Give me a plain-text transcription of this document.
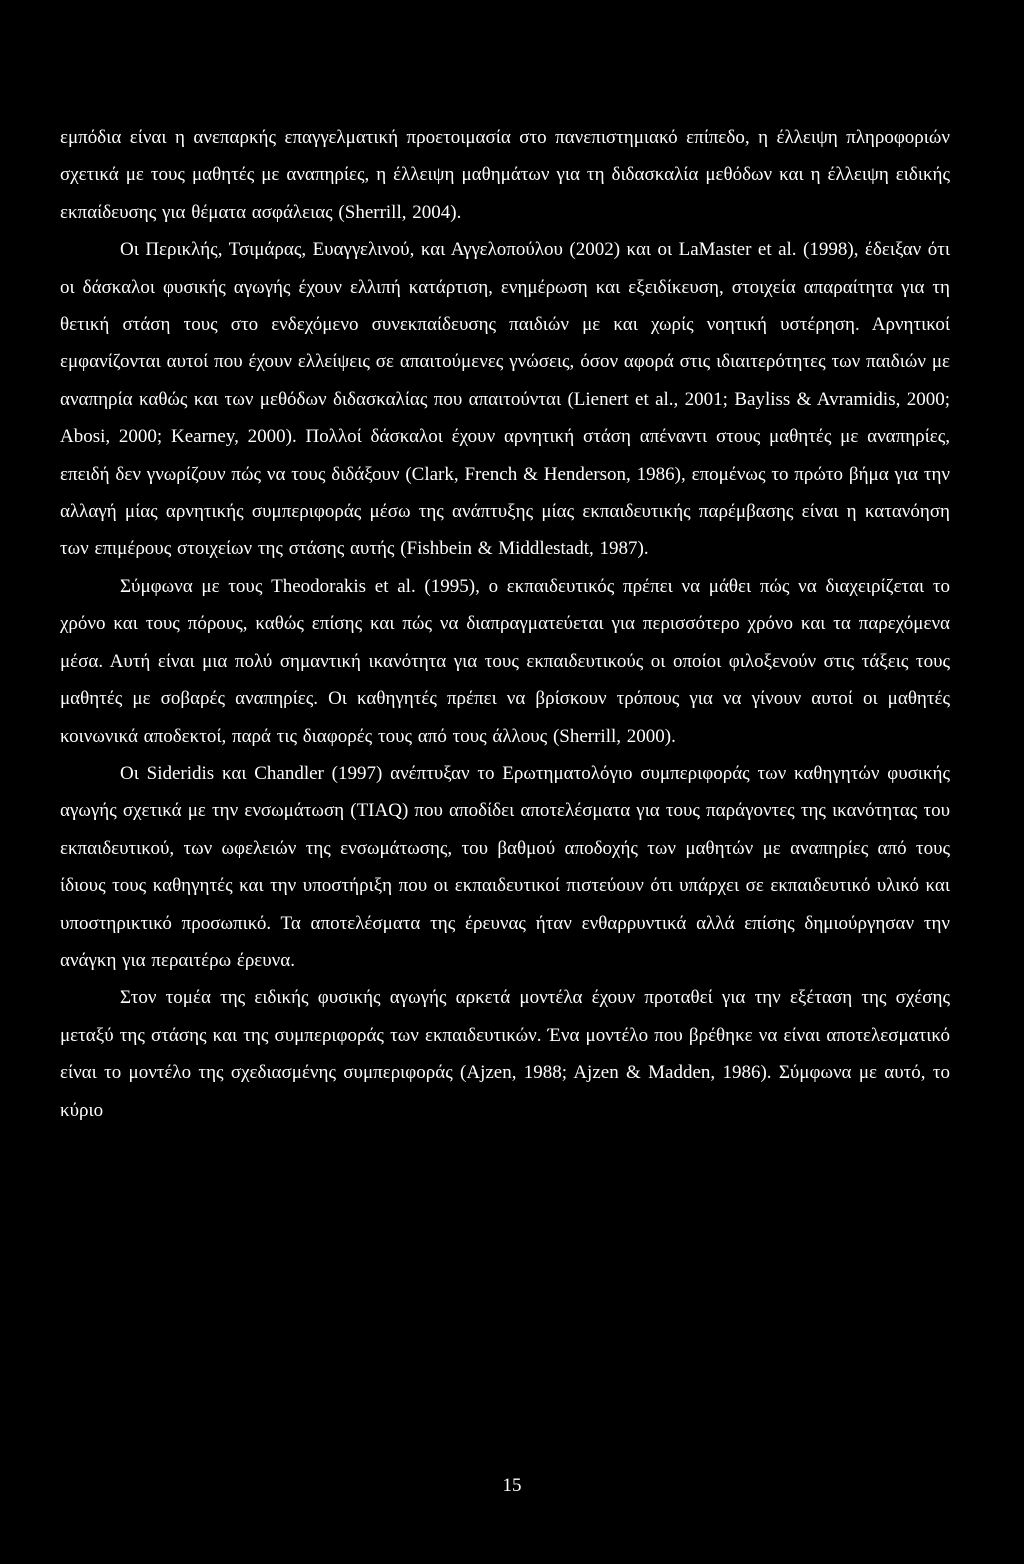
εμπόδια είναι η ανεπαρκής επαγγελματική προετοιμασία στο πανεπιστημιακό επίπεδο, η έλλειψη πληροφοριών σχετικά με τους μαθητές με αναπηρίες, η έλλειψη μαθημάτων για τη διδασκαλία μεθόδων και η έλλειψη ειδικής εκπαίδευσης για θέματα ασφάλειας (Sherrill, 2004).

Οι Περικλής, Τσιμάρας, Ευαγγελινού, και Αγγελοπούλου (2002) και οι LaMaster et al. (1998), έδειξαν ότι οι δάσκαλοι φυσικής αγωγής έχουν ελλιπή κατάρτιση, ενημέρωση και εξειδίκευση, στοιχεία απαραίτητα για τη θετική στάση τους στο ενδεχόμενο συνεκπαίδευσης παιδιών με και χωρίς νοητική υστέρηση. Αρνητικοί εμφανίζονται αυτοί που έχουν ελλείψεις σε απαιτούμενες γνώσεις, όσον αφορά στις ιδιαιτερότητες των παιδιών με αναπηρία καθώς και των μεθόδων διδασκαλίας που απαιτούνται (Lienert et al., 2001; Bayliss & Avramidis, 2000; Abosi, 2000; Kearney, 2000). Πολλοί δάσκαλοι έχουν αρνητική στάση απέναντι στους μαθητές με αναπηρίες, επειδή δεν γνωρίζουν πώς να τους διδάξουν (Clark, French & Henderson, 1986), επομένως το πρώτο βήμα για την αλλαγή μίας αρνητικής συμπεριφοράς μέσω της ανάπτυξης μίας εκπαιδευτικής παρέμβασης είναι η κατανόηση των επιμέρους στοιχείων της στάσης αυτής (Fishbein & Middlestadt, 1987).

Σύμφωνα με τους Theodorakis et al. (1995), ο εκπαιδευτικός πρέπει να μάθει πώς να διαχειρίζεται το χρόνο και τους πόρους, καθώς επίσης και πώς να διαπραγματεύεται για περισσότερο χρόνο και τα παρεχόμενα μέσα. Αυτή είναι μια πολύ σημαντική ικανότητα για τους εκπαιδευτικούς οι οποίοι φιλοξενούν στις τάξεις τους μαθητές με σοβαρές αναπηρίες. Οι καθηγητές πρέπει να βρίσκουν τρόπους για να γίνουν αυτοί οι μαθητές κοινωνικά αποδεκτοί, παρά τις διαφορές τους από τους άλλους (Sherrill, 2000).

Οι Sideridis και Chandler (1997) ανέπτυξαν το Ερωτηματολόγιο συμπεριφοράς των καθηγητών φυσικής αγωγής σχετικά με την ενσωμάτωση (TIAQ) που αποδίδει αποτελέσματα για τους παράγοντες της ικανότητας του εκπαιδευτικού, των ωφελειών της ενσωμάτωσης, του βαθμού αποδοχής των μαθητών με αναπηρίες από τους ίδιους τους καθηγητές και την υποστήριξη που οι εκπαιδευτικοί πιστεύουν ότι υπάρχει σε εκπαιδευτικό υλικό και υποστηρικτικό προσωπικό. Τα αποτελέσματα της έρευνας ήταν ενθαρρυντικά αλλά επίσης δημιούργησαν την ανάγκη για περαιτέρω έρευνα.

Στον τομέα της ειδικής φυσικής αγωγής αρκετά μοντέλα έχουν προταθεί για την εξέταση της σχέσης μεταξύ της στάσης και της συμπεριφοράς των εκπαιδευτικών. Ένα μοντέλο που βρέθηκε να είναι αποτελεσματικό είναι το μοντέλο της σχεδιασμένης συμπεριφοράς (Ajzen, 1988; Ajzen & Madden, 1986). Σύμφωνα με αυτό, το κύριο

15
